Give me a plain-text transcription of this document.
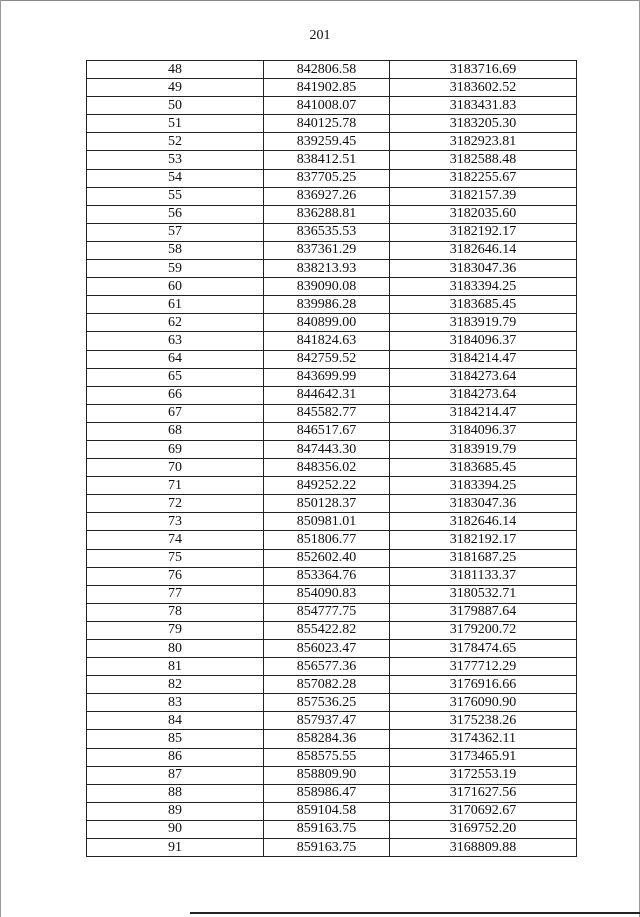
201
48	842806.58	3183716.69
49	841902.85	3183602.52
50	841008.07	3183431.83
51	840125.78	3183205.30
52	839259.45	3182923.81
53	838412.51	3182588.48
54	837705.25	3182255.67
55	836927.26	3182157.39
56	836288.81	3182035.60
57	836535.53	3182192.17
58	837361.29	3182646.14
59	838213.93	3183047.36
60	839090.08	3183394.25
61	839986.28	3183685.45
62	840899.00	3183919.79
63	841824.63	3184096.37
64	842759.52	3184214.47
65	843699.99	3184273.64
66	844642.31	3184273.64
67	845582.77	3184214.47
68	846517.67	3184096.37
69	847443.30	3183919.79
70	848356.02	3183685.45
71	849252.22	3183394.25
72	850128.37	3183047.36
73	850981.01	3182646.14
74	851806.77	3182192.17
75	852602.40	3181687.25
76	853364.76	3181133.37
77	854090.83	3180532.71
78	854777.75	3179887.64
79	855422.82	3179200.72
80	856023.47	3178474.65
81	856577.36	3177712.29
82	857082.28	3176916.66
83	857536.25	3176090.90
84	857937.47	3175238.26
85	858284.36	3174362.11
86	858575.55	3173465.91
87	858809.90	3172553.19
88	858986.47	3171627.56
89	859104.58	3170692.67
90	859163.75	3169752.20
91	859163.75	3168809.88
